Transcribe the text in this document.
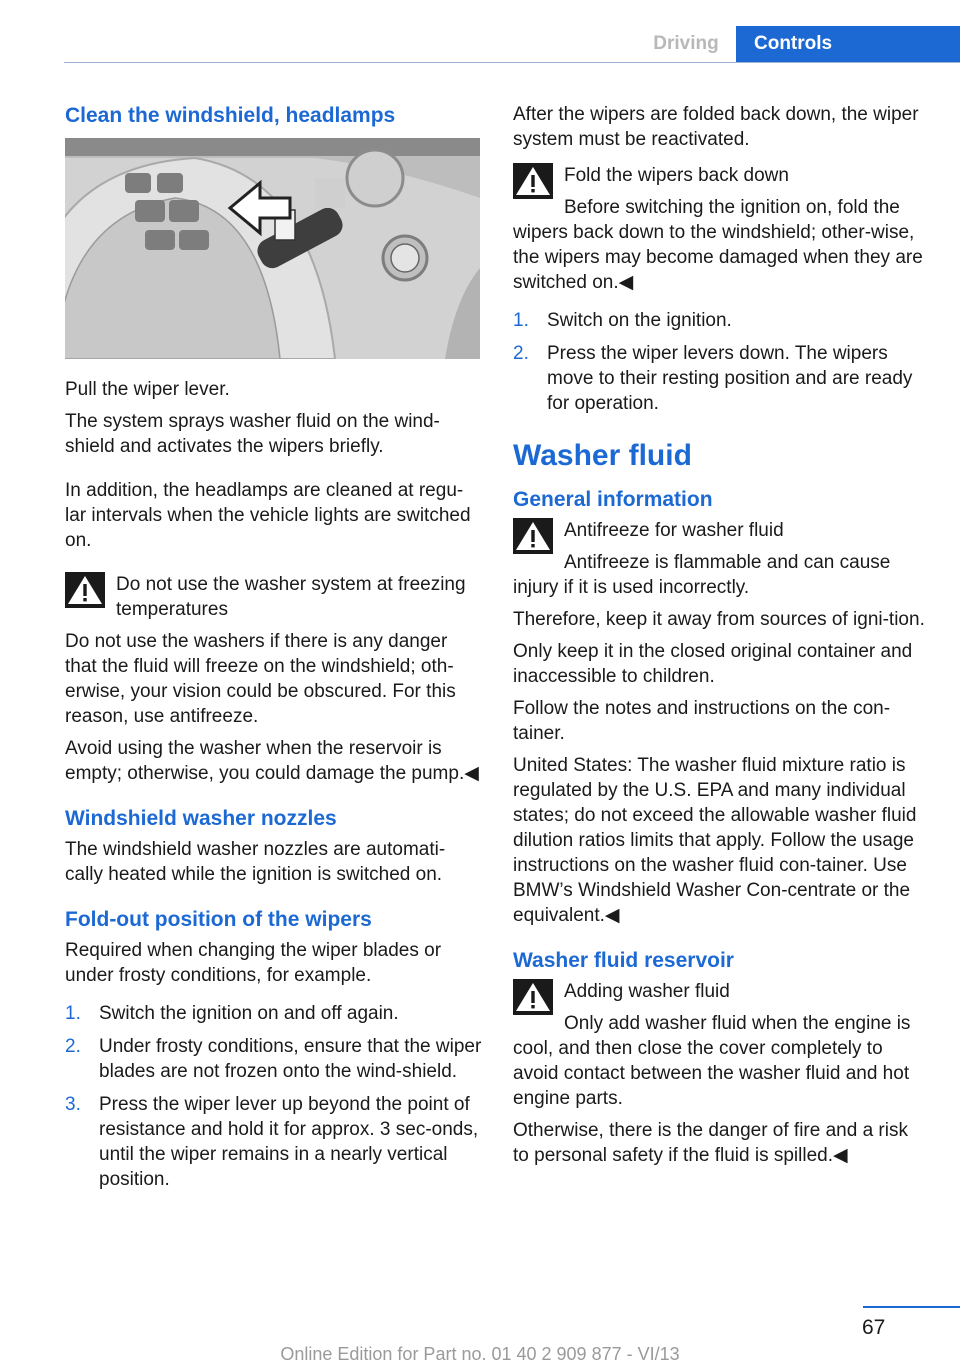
Driving	Controls
Clean the windshield, headlamps

Pull the wiper lever.

The system sprays washer fluid on the wind‐shield and activates the wipers briefly.

In addition, the headlamps are cleaned at regu‐lar intervals when the vehicle lights are switched on.

Do not use the washer system at freezing temperatures

Do not use the washers if there is any danger that the fluid will freeze on the windshield; oth‐erwise, your vision could be obscured. For this reason, use antifreeze.

Avoid using the washer when the reservoir is empty; otherwise, you could damage the pump.◀

Windshield washer nozzles

The windshield washer nozzles are automati‐cally heated while the ignition is switched on.

Fold-out position of the wipers

Required when changing the wiper blades or under frosty conditions, for example.

1. Switch the ignition on and off again.
2. Under frosty conditions, ensure that the wiper blades are not frozen onto the wind‐shield.
3. Press the wiper lever up beyond the point of resistance and hold it for approx. 3 sec‐onds, until the wiper remains in a nearly vertical position.

After the wipers are folded back down, the wiper system must be reactivated.

Fold the wipers back down

Before switching the ignition on, fold the wipers back down to the windshield; other‐wise, the wipers may become damaged when they are switched on.◀

1. Switch on the ignition.
2. Press the wiper levers down. The wipers move to their resting position and are ready for operation.
Washer fluid
General information

Antifreeze for washer fluid

Antifreeze is flammable and can cause injury if it is used incorrectly.

Therefore, keep it away from sources of igni‐tion.

Only keep it in the closed original container and inaccessible to children.

Follow the notes and instructions on the con‐tainer.

United States: The washer fluid mixture ratio is regulated by the U.S. EPA and many individual states; do not exceed the allowable washer fluid dilution ratios limits that apply. Follow the usage instructions on the washer fluid con‐tainer. Use BMW’s Windshield Washer Con‐centrate or the equivalent.◀

Washer fluid reservoir

Adding washer fluid

Only add washer fluid when the engine is cool, and then close the cover completely to avoid contact between the washer fluid and hot engine parts.

Otherwise, there is the danger of fire and a risk to personal safety if the fluid is spilled.◀

67
Online Edition for Part no. 01 40 2 909 877 - VI/13
